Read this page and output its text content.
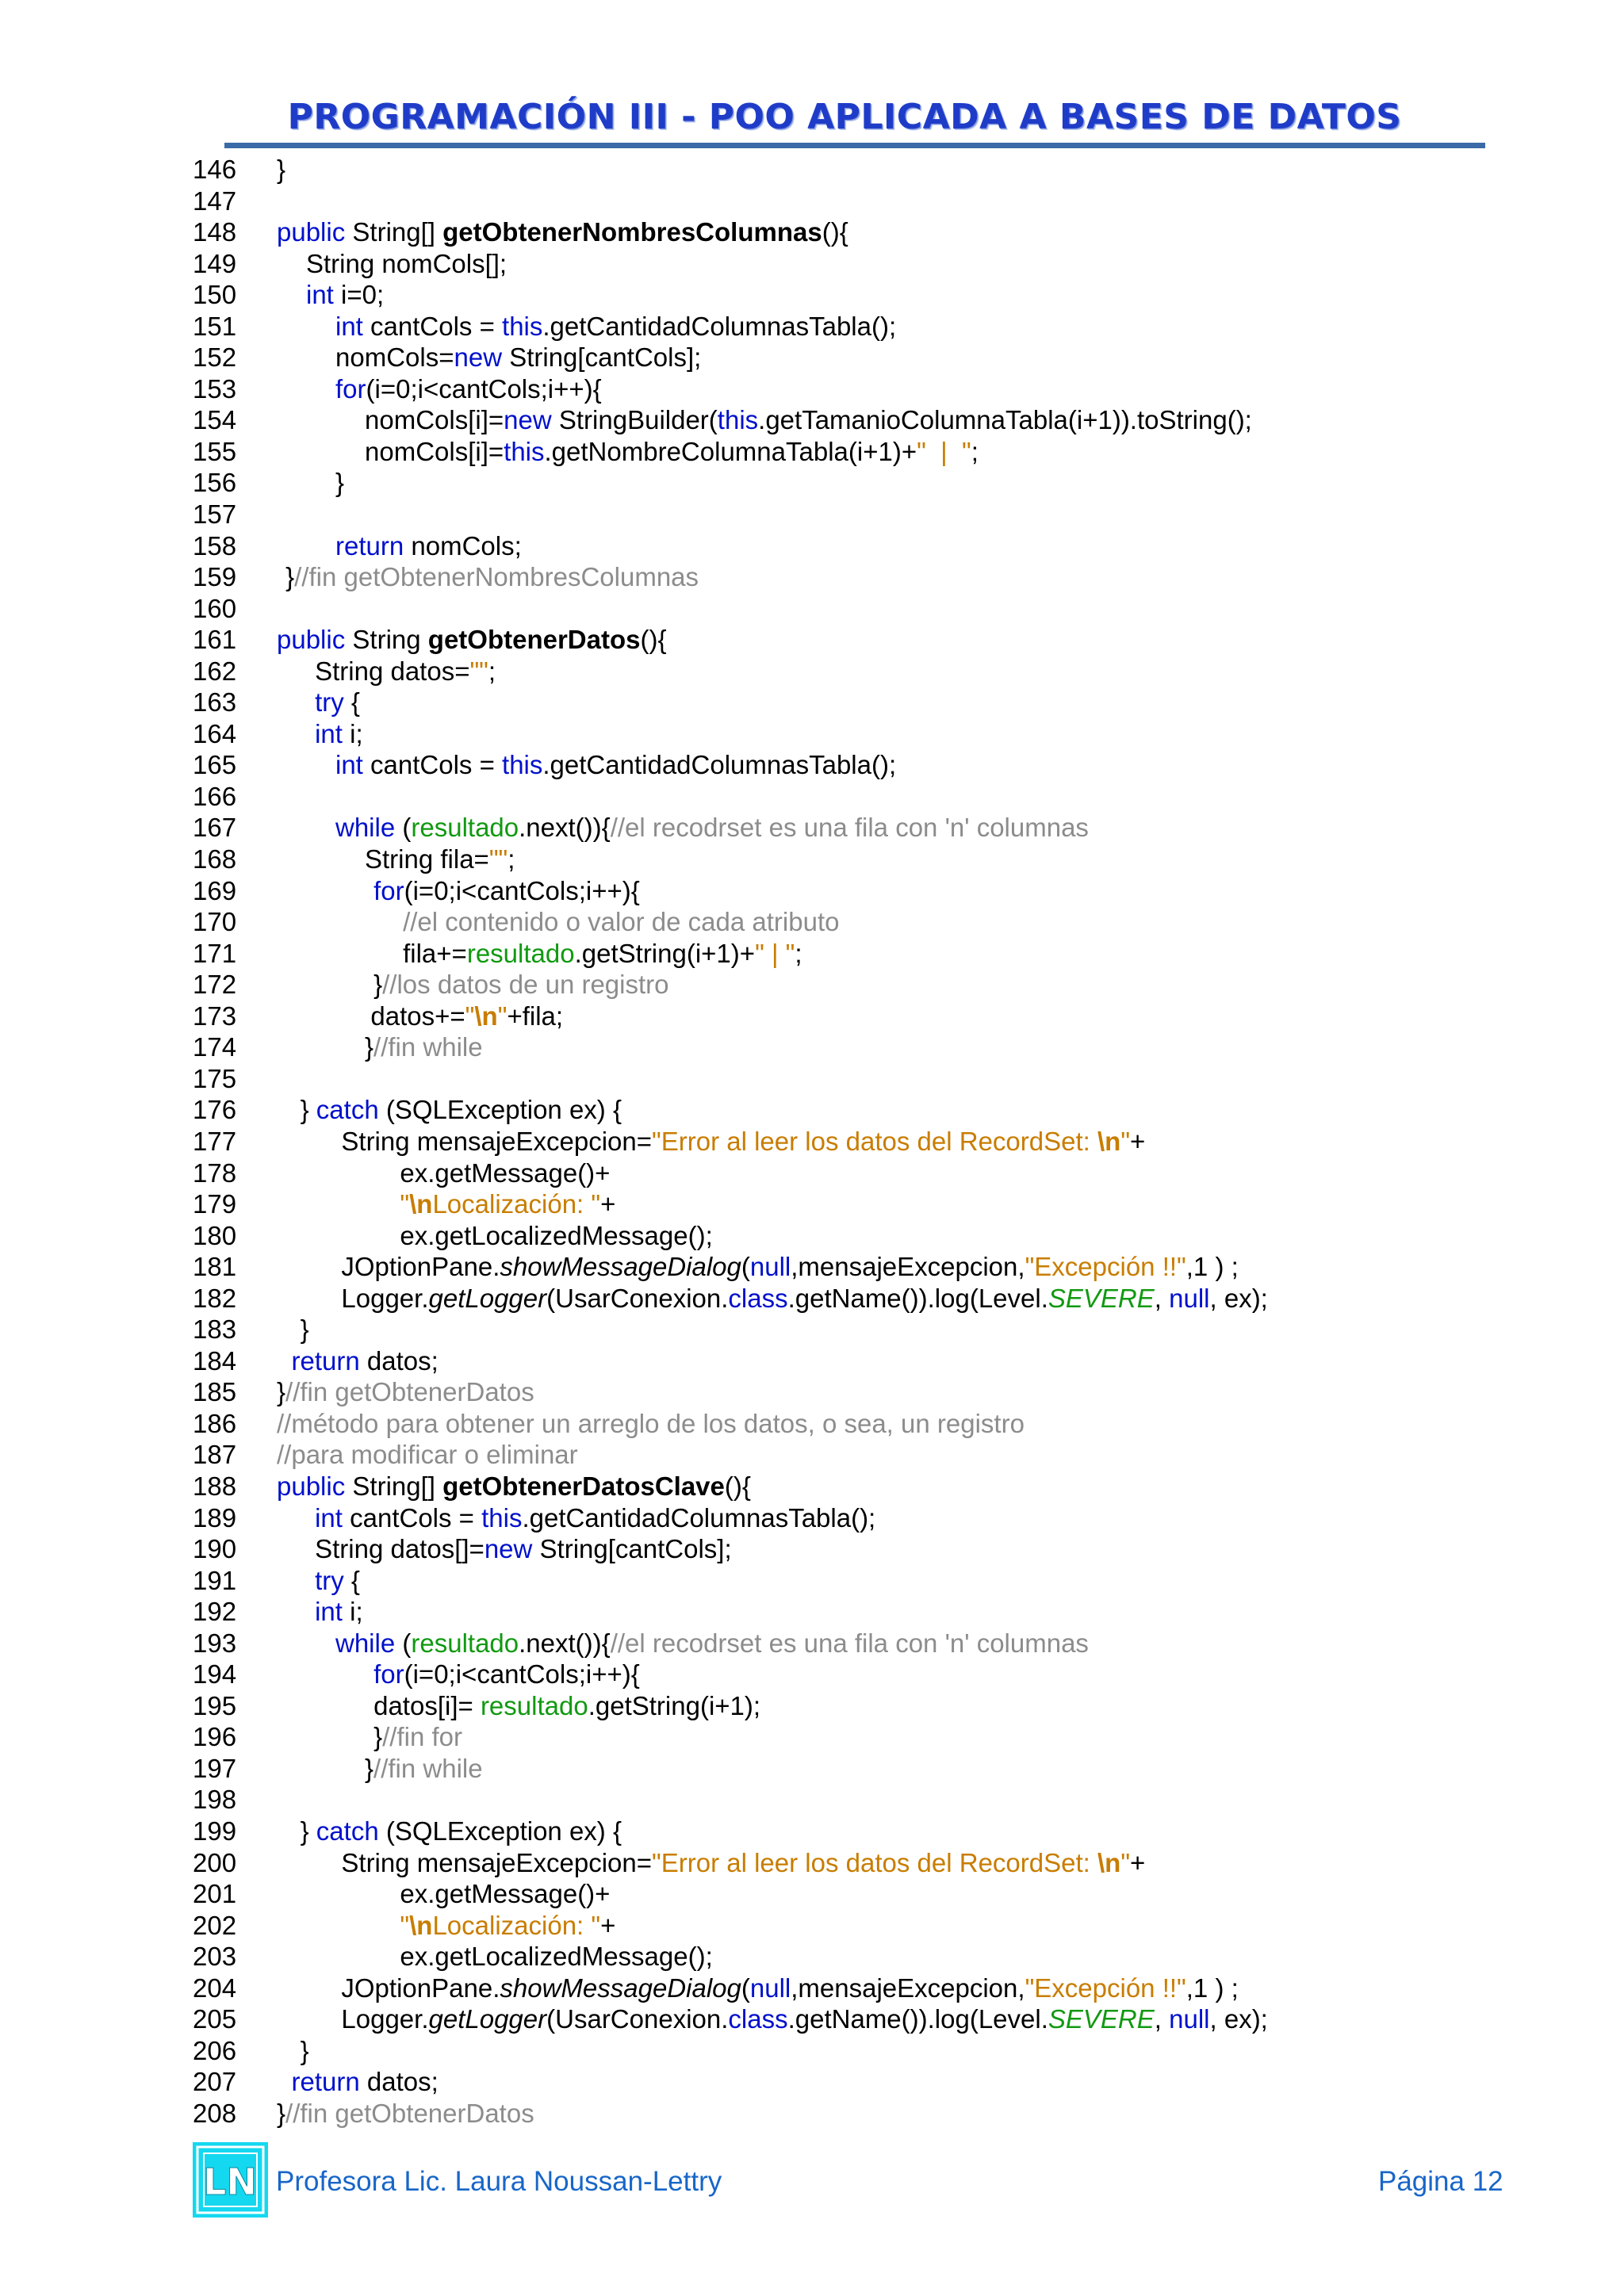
PROGRAMACIÓN III - POO APLICADA A BASES DE DATOS
146 }
147
148 public String[] getObtenerNombresColumnas(){
149	String nomCols[];
150	int i=0;
151	int cantCols = this.getCantidadColumnasTabla();
152	nomCols=new String[cantCols];
153	for(i=0;i<cantCols;i++){
154	nomCols[i]=new StringBuilder(this.getTamanioColumnaTabla(i+1)).toString();
155	nomCols[i]=this.getNombreColumnaTabla(i+1)+"  |  ";
156	}
157
158	return nomCols;
159 }//fin getObtenerNombresColumnas
160
161 public String getObtenerDatos(){
162	String datos="";
163	try {
164	int i;
165	int cantCols = this.getCantidadColumnasTabla();
166
167	while (resultado.next()){//el recodrset es una fila con 'n' columnas
168	String fila="";
169	for(i=0;i<cantCols;i++){
170	//el contenido o valor de cada atributo
171	fila+=resultado.getString(i+1)+" | ";
172	}//los datos de un registro
173	datos+="\n"+fila;
174	}//fin while
175
176 } catch (SQLException ex) {
177	String mensajeExcepcion="Error al leer los datos del RecordSet: \n"+
178	ex.getMessage()+
179	"\nLocalización: "+
180	ex.getLocalizedMessage();
181	JOptionPane.showMessageDialog(null,mensajeExcepcion,"Excepción !!",1 ) ;
182	Logger.getLogger(UsarConexion.class.getName()).log(Level.SEVERE, null, ex);
183 }
184 return datos;
185 }//fin getObtenerDatos
186 //método para obtener un arreglo de los datos, o sea, un registro
187 //para modificar o eliminar
188 public String[] getObtenerDatosClave(){
189	int cantCols = this.getCantidadColumnasTabla();
190	String datos[]=new String[cantCols];
191	try {
192	int i;
193	while (resultado.next()){//el recodrset es una fila con 'n' columnas
194	for(i=0;i<cantCols;i++){
195	datos[i]= resultado.getString(i+1);
196	}//fin for
197	}//fin while
198
199 } catch (SQLException ex) {
200	String mensajeExcepcion="Error al leer los datos del RecordSet: \n"+
201	ex.getMessage()+
202	"\nLocalización: "+
203	ex.getLocalizedMessage();
204	JOptionPane.showMessageDialog(null,mensajeExcepcion,"Excepción !!",1 ) ;
205	Logger.getLogger(UsarConexion.class.getName()).log(Level.SEVERE, null, ex);
206 }
207 return datos;
208 }//fin getObtenerDatos
LN Profesora Lic. Laura Noussan-Lettry	Página 12
